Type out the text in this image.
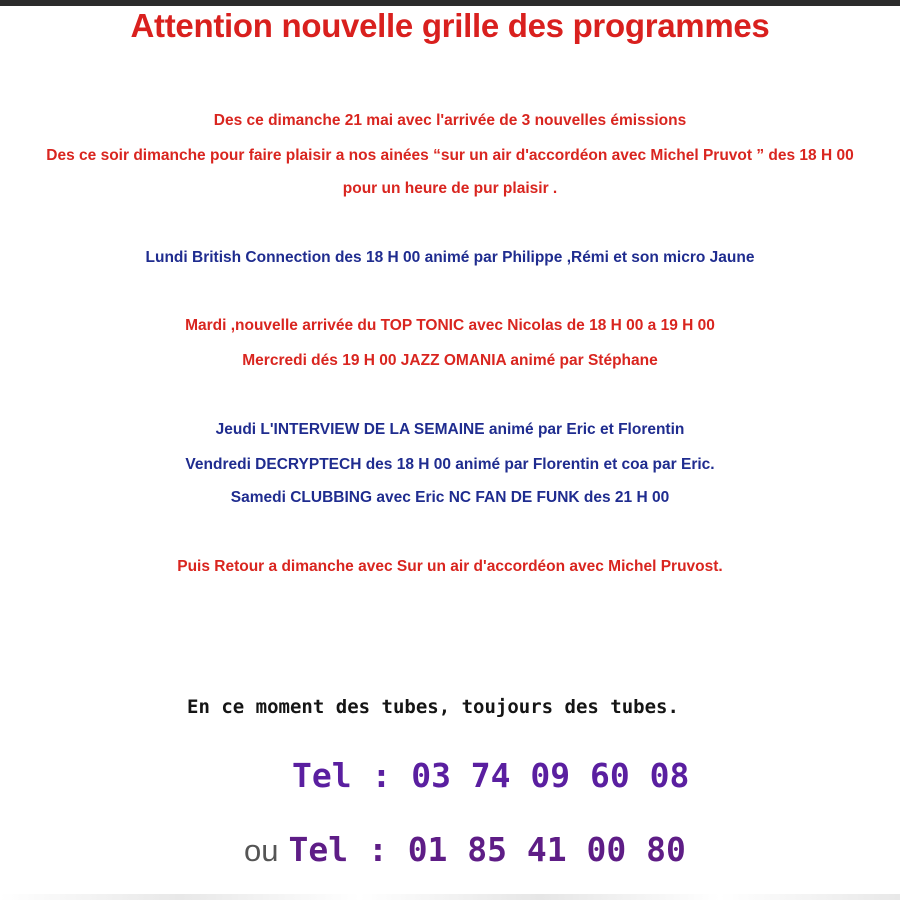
Attention nouvelle grille des programmes
Des ce dimanche 21 mai avec l'arrivée de 3 nouvelles émissions
Des ce soir dimanche pour faire plaisir a nos ainées “sur un air d'accordéon avec Michel Pruvot ” des 18 H 00
pour un heure de pur plaisir .
Lundi British Connection des 18 H 00 animé par Philippe ,Rémi et son micro Jaune
Mardi ,nouvelle arrivée du TOP TONIC avec Nicolas de 18 H 00 a 19 H 00
Mercredi dés 19 H 00 JAZZ OMANIA animé par Stéphane
Jeudi L'INTERVIEW DE LA SEMAINE animé par Eric et Florentin
Vendredi DECRYPTECH des 18 H 00 animé par Florentin et coa par Eric.
Samedi CLUBBING avec Eric NC FAN DE FUNK des 21 H 00
Puis Retour a dimanche avec Sur un air d'accordéon avec Michel Pruvost.
En ce moment des tubes, toujours des tubes.
Tel : 03 74 09 60 08
ou Tel : 01 85 41 00 80
